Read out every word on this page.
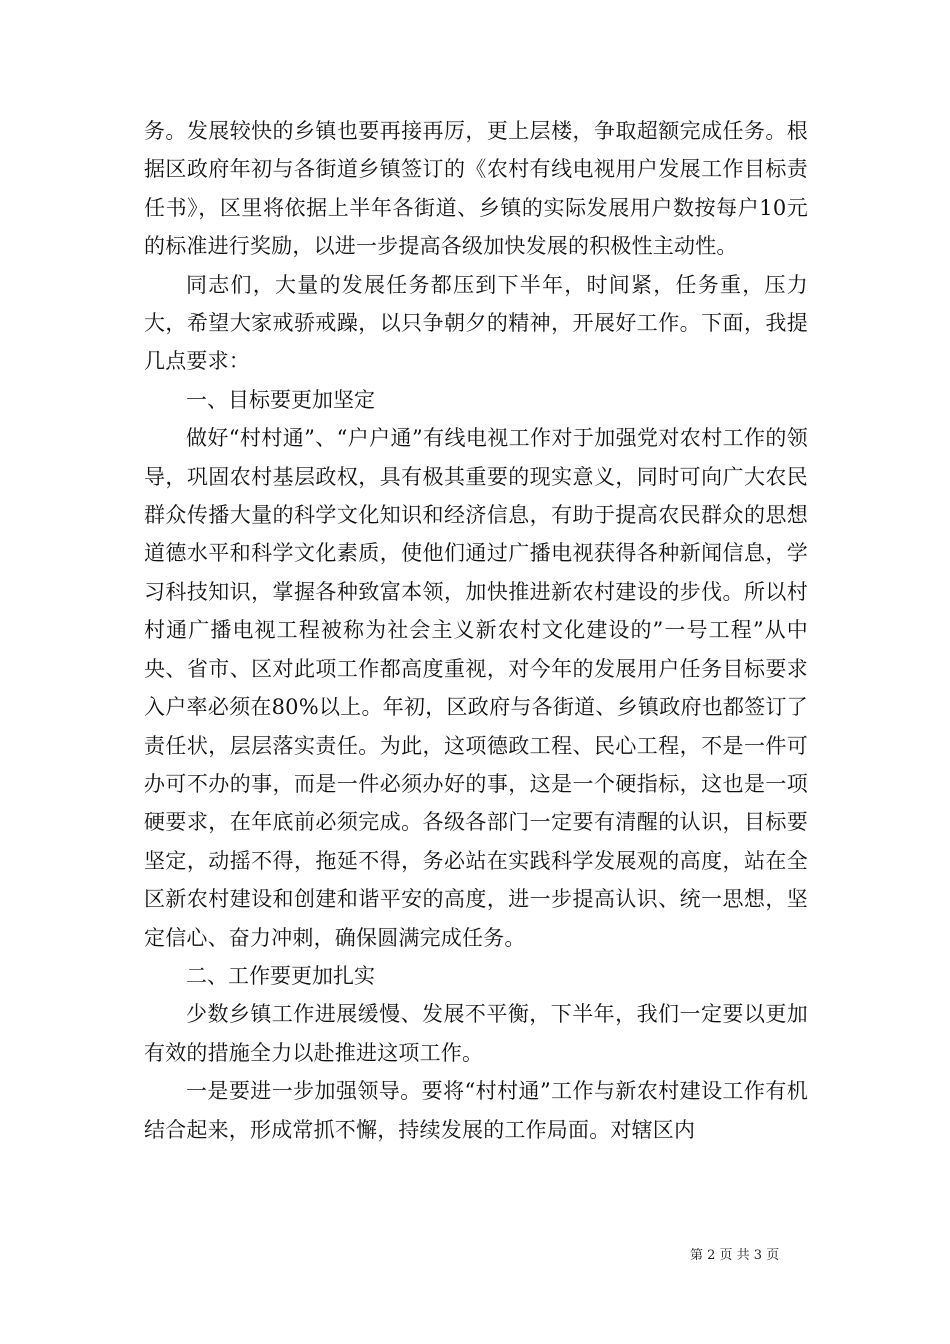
务。发展较快的乡镇也要再接再厉，更上层楼，争取超额完成任务。根据区政府年初与各街道乡镇签订的《农村有线电视用户发展工作目标责任书》，区里将依据上半年各街道、乡镇的实际发展用户数按每户10元的标准进行奖励，以进一步提高各级加快发展的积极性主动性。

同志们，大量的发展任务都压到下半年，时间紧，任务重，压力大，希望大家戒骄戒躁，以只争朝夕的精神，开展好工作。下面，我提几点要求：

一、目标要更加坚定

做好“村村通”、“户户通”有线电视工作对于加强党对农村工作的领导，巩固农村基层政权，具有极其重要的现实意义，同时可向广大农民群众传播大量的科学文化知识和经济信息，有助于提高农民群众的思想道德水平和科学文化素质，使他们通过广播电视获得各种新闻信息，学习科技知识，掌握各种致富本领，加快推进新农村建设的步伐。所以村村通广播电视工程被称为社会主义新农村文化建设的”一号工程”从中央、省市、区对此项工作都高度重视，对今年的发展用户任务目标要求入户率必须在80%以上。年初，区政府与各街道、乡镇政府也都签订了责任状，层层落实责任。为此，这项德政工程、民心工程，不是一件可办可不办的事，而是一件必须办好的事，这是一个硬指标，这也是一项硬要求，在年底前必须完成。各级各部门一定要有清醒的认识，目标要坚定，动摇不得，拖延不得，务必站在实践科学发展观的高度，站在全区新农村建设和创建和谐平安的高度，进一步提高认识、统一思想，坚定信心、奋力冲刺，确保圆满完成任务。

二、工作要更加扎实

少数乡镇工作进展缓慢、发展不平衡，下半年，我们一定要以更加有效的措施全力以赴推进这项工作。

一是要进一步加强领导。要将“村村通”工作与新农村建设工作有机结合起来，形成常抓不懈，持续发展的工作局面。对辖区内

第 2 页 共 3 页
